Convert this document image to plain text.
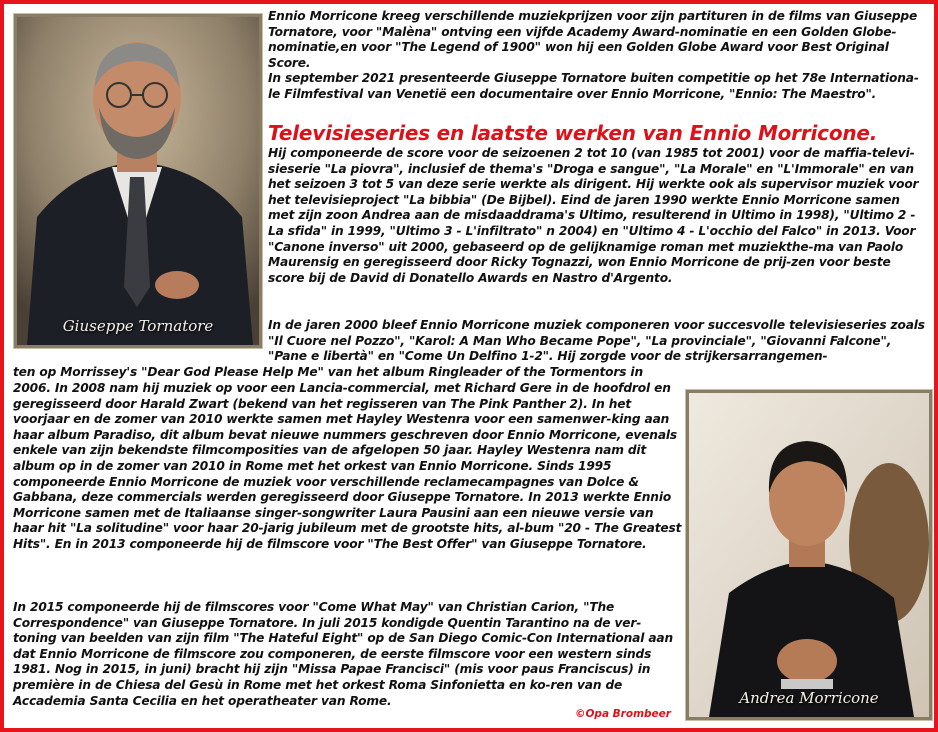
Giuseppe Tornatore

Ennio Morricone kreeg verschillende muziekprijzen voor zijn partituren in de films van Giuseppe Tornatore, voor "Malèna" ontving een vijfde Academy Award-nominatie en een Golden Globe-nominatie,en voor "The Legend of 1900" won hij een Golden Globe Award voor Best Original Score.

In september 2021 presenteerde Giuseppe Tornatore buiten competitie op het 78e Internationa-le Filmfestival van Venetië een documentaire over Ennio Morricone, "Ennio: The Maestro".

Televisieseries en laatste werken van Ennio Morricone.

Hij componeerde de score voor de seizoenen 2 tot 10 (van 1985 tot 2001) voor de maffia-televi-sieserie "La piovra", inclusief de thema's "Droga e sangue", "La Morale" en "L'Immorale" en van het seizoen 3 tot 5 van deze serie werkte als dirigent. Hij werkte ook als supervisor muziek voor het televisieproject "La bibbia" (De Bijbel). Eind de jaren 1990 werkte Ennio Morricone samen met zijn zoon Andrea aan de misdaaddrama's Ultimo, resulterend in Ultimo in 1998), "Ultimo 2 - La sfida" in 1999, "Ultimo 3 - L'infiltrato" n 2004) en "Ultimo 4 - L'occhio del Falco" in 2013. Voor "Canone inverso" uit 2000, gebaseerd op de gelijknamige roman met muziekthe-ma van Paolo Maurensig en geregisseerd door Ricky Tognazzi, won Ennio Morricone de prij-zen voor beste score bij de David di Donatello Awards en Nastro d'Argento.

In de jaren 2000 bleef Ennio Morricone muziek componeren voor succesvolle televisieseries zoals "Il Cuore nel Pozzo", "Karol: A Man Who Became Pope", "La provinciale", "Giovanni Falcone", "Pane e libertà" en "Come Un Delfino 1-2". Hij zorgde voor de strijkersarrangemen-

ten op Morrissey's "Dear God Please Help Me" van het album Ringleader of the Tormentors in

2006. In 2008 nam hij muziek op voor een Lancia-commercial, met Richard Gere in de hoofdrol en geregisseerd door Harald Zwart (bekend van het regisseren van The Pink Panther 2). In het voorjaar en de zomer van 2010 werkte samen met Hayley Westenra voor een samenwer-king aan haar album Paradiso, dit album bevat nieuwe nummers geschreven door Ennio Morricone, evenals enkele van zijn bekendste filmcomposities van de afgelopen 50 jaar. Hayley Westenra nam dit album op in de zomer van 2010 in Rome met het orkest van Ennio Morricone. Sinds 1995 componeerde Ennio Morricone de muziek voor verschillende reclamecampagnes van Dolce & Gabbana, deze commercials werden geregisseerd door Giuseppe Tornatore. In 2013 werkte Ennio Morricone samen met de Italiaanse singer-songwriter Laura Pausini aan een nieuwe versie van haar hit "La solitudine" voor haar 20-jarig jubileum met de grootste hits, al-bum "20 - The Greatest Hits". En in 2013 componeerde hij de filmscore voor "The Best Offer" van Giuseppe Tornatore.

In 2015 componeerde hij de filmscores voor "Come What May" van Christian Carion, "The Correspondence" van Giuseppe Tornatore. In juli 2015 kondigde Quentin Tarantino na de ver-toning van beelden van zijn film "The Hateful Eight" op de San Diego Comic-Con International aan dat Ennio Morricone de filmscore zou componeren, de eerste filmscore voor een western sinds 1981. Nog in 2015, in juni) bracht hij zijn "Missa Papae Francisci" (mis voor paus Franciscus) in première in de Chiesa del Gesù in Rome met het orkest Roma Sinfonietta en ko-ren van de Accademia Santa Cecilia en het operatheater van Rome.	Andrea Morricone
©Opa Brombeer
